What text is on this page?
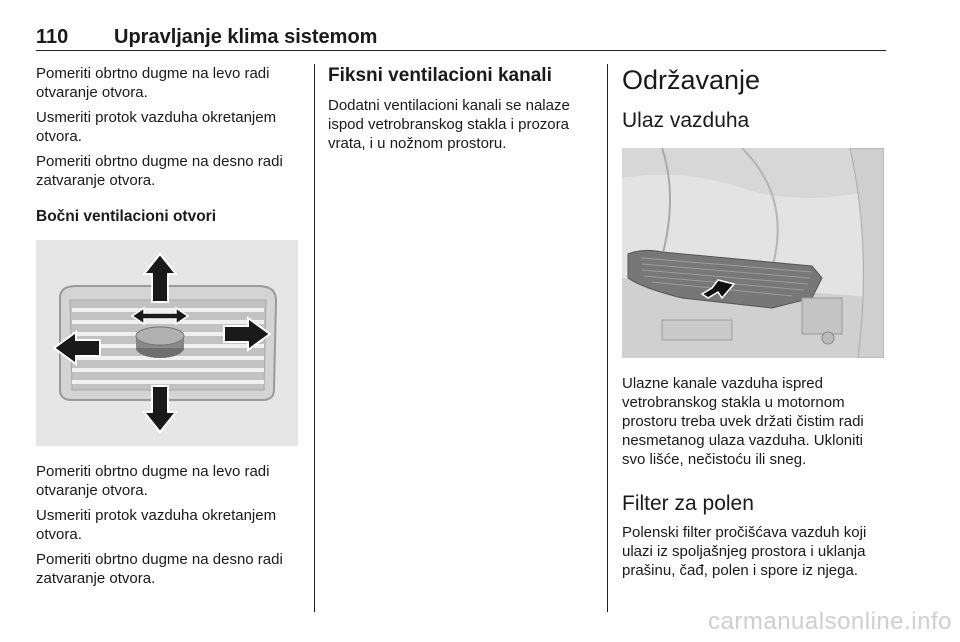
110 Upravljanje klima sistemom

Pomeriti obrtno dugme na levo radi otvaranje otvora.

Usmeriti protok vazduha okretanjem otvora.

Pomeriti obrtno dugme na desno radi zatvaranje otvora.

Bočni ventilacioni otvori

Pomeriti obrtno dugme na levo radi otvaranje otvora.

Usmeriti protok vazduha okretanjem otvora.

Pomeriti obrtno dugme na desno radi zatvaranje otvora.

Fiksni ventilacioni kanali

Dodatni ventilacioni kanali se nalaze ispod vetrobranskog stakla i prozora vrata, i u nožnom prostoru.

Održavanje
Ulaz vazduha

Ulazne kanale vazduha ispred vetrobranskog stakla u motornom prostoru treba uvek držati čistim radi nesmetanog ulaza vazduha. Ukloniti svo lišće, nečistoću ili sneg.

Filter za polen

Polenski filter pročišćava vazduh koji ulazi iz spoljašnjeg prostora i uklanja prašinu, čađ, polen i spore iz njega.

carmanualsonline.info
